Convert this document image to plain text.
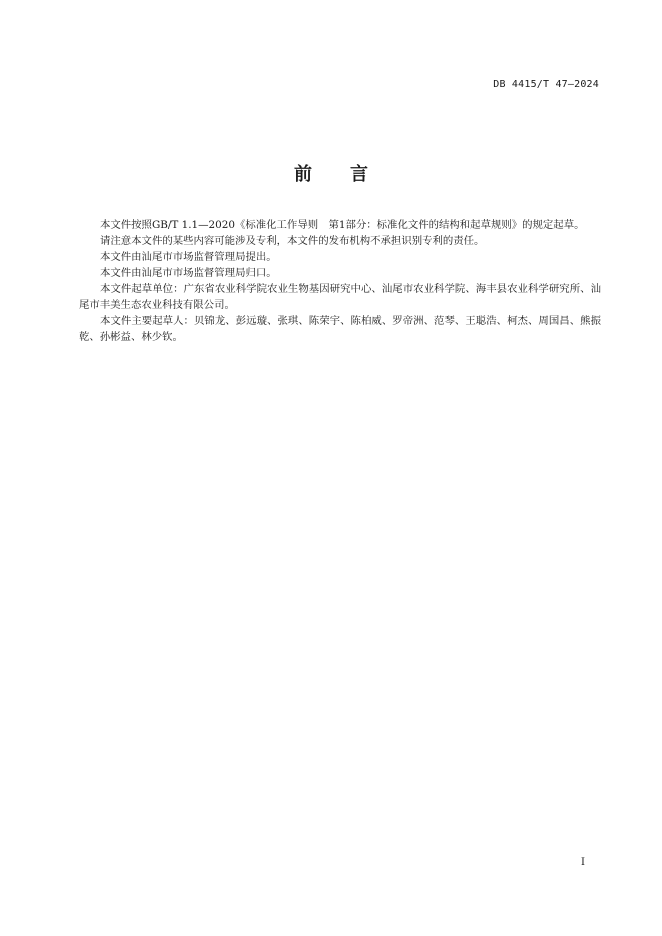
DB 4415/T 47—2024
前 言

本文件按照GB/T 1.1—2020《标准化工作导则　第1部分：标准化文件的结构和起草规则》的规定起草。

请注意本文件的某些内容可能涉及专利，本文件的发布机构不承担识别专利的责任。

本文件由汕尾市市场监督管理局提出。

本文件由汕尾市市场监督管理局归口。

本文件起草单位：广东省农业科学院农业生物基因研究中心、汕尾市农业科学院、海丰县农业科学研究所、汕尾市丰美生态农业科技有限公司。

本文件主要起草人：贝锦龙、彭远璇、张琪、陈荣宇、陈柏威、罗帝洲、范琴、王聪浩、柯杰、周国昌、熊振乾、孙彬益、林少钦。

I
